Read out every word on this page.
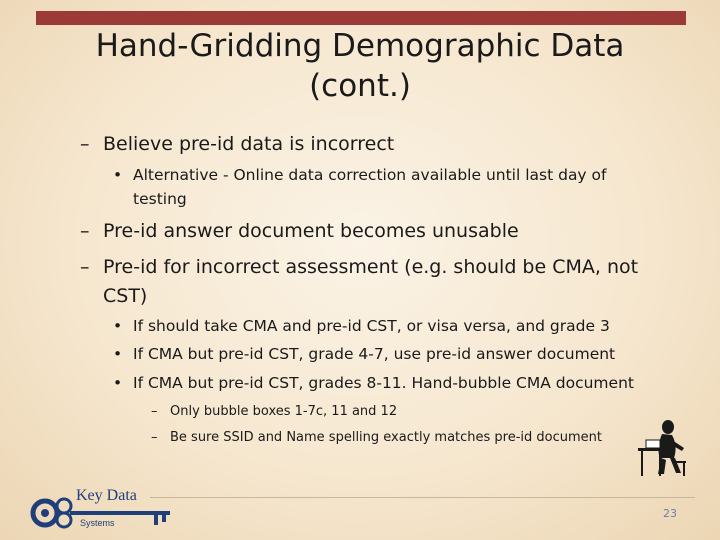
Hand-Gridding Demographic Data
(cont.)
– Believe pre-id data is incorrect
• Alternative - Online data correction available until last day of
testing
– Pre-id answer document becomes unusable
– Pre-id for incorrect assessment (e.g. should be CMA, not
CST)
• If should take CMA and pre-id CST, or visa versa, and grade 3
• If CMA but pre-id CST, grade 4-7, use pre-id answer document
• If CMA but pre-id CST, grades 8-11. Hand-bubble CMA document
– Only bubble boxes 1-7c, 11 and 12
– Be sure SSID and Name spelling exactly matches pre-id document
Key Data
Systems
23
